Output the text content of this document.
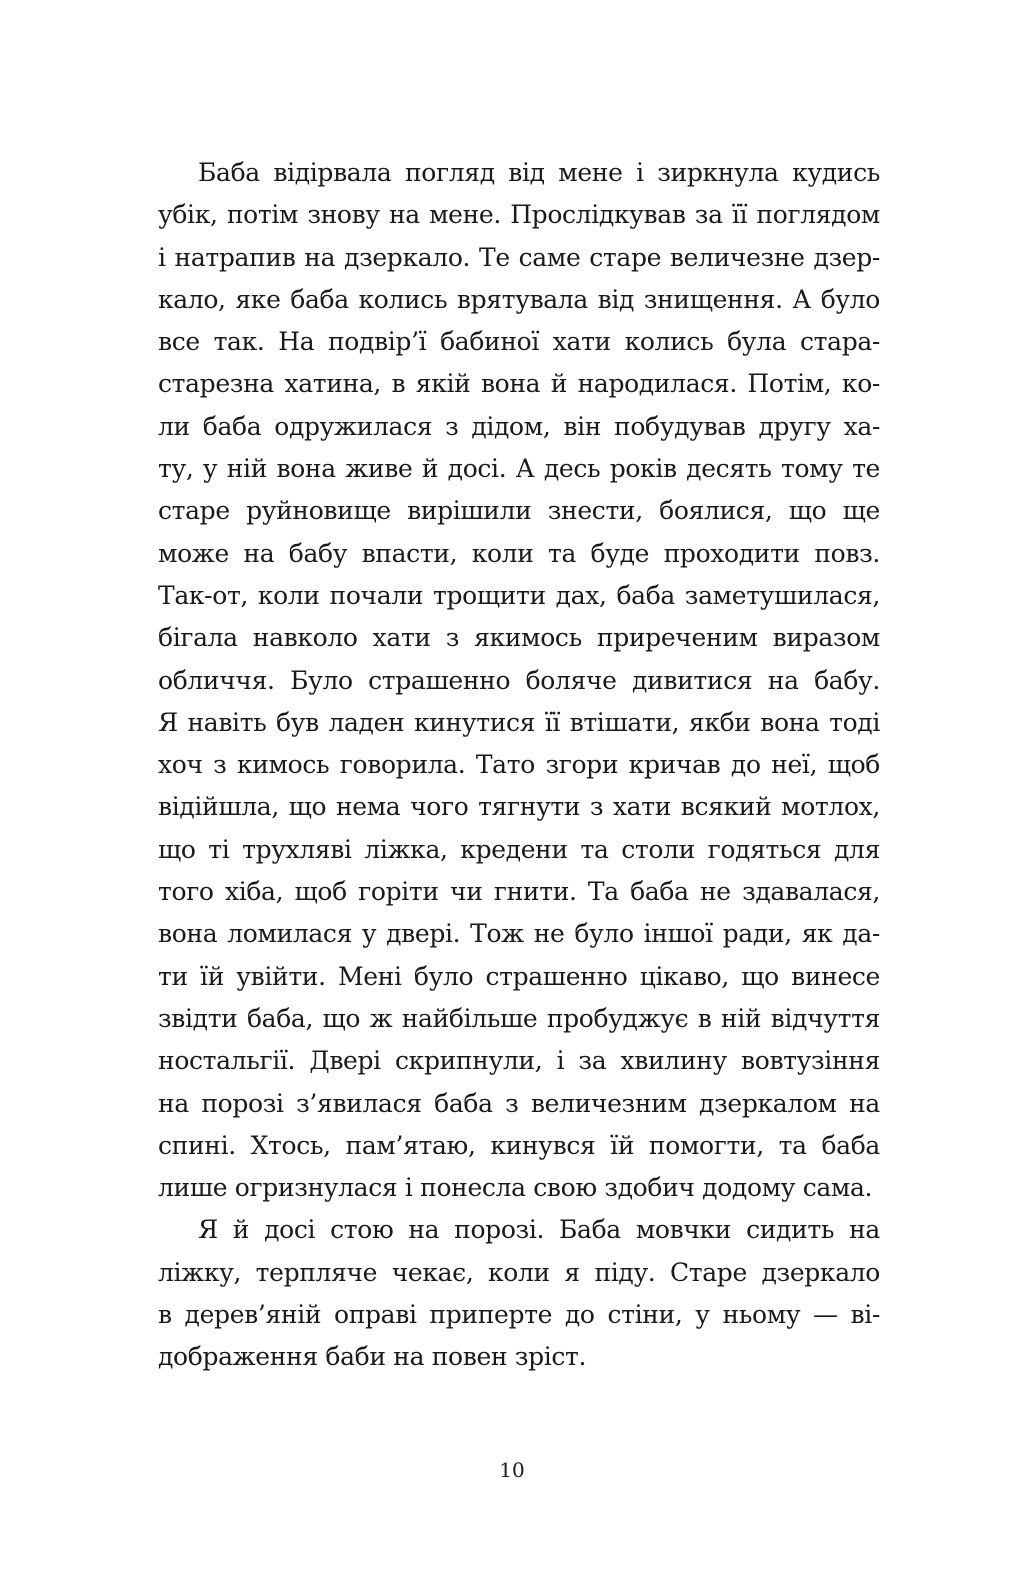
Баба відірвала погляд від мене і зиркнула кудись
убік, потім знову на мене. Прослідкував за її поглядом
і натрапив на дзеркало. Те саме старе величезне дзер-
кало, яке баба колись врятувала від знищення. А було
все так. На подвір’ї бабиної хати колись була стара-
старезна хатина, в якій вона й народилася. Потім, ко-
ли баба одружилася з дідом, він побудував другу ха-
ту, у ній вона живе й досі. А десь років десять тому те
старе руйновище вирішили знести, боялися, що ще
може на бабу впасти, коли та буде проходити повз.
Так-от, коли почали трощити дах, баба заметушилася,
бігала навколо хати з якимось приреченим виразом
обличчя. Було страшенно боляче дивитися на бабу.
Я навіть був ладен кинутися її втішати, якби вона тоді
хоч з кимось говорила. Тато згори кричав до неї, щоб
відійшла, що нема чого тягнути з хати всякий мотлох,
що ті трухляві ліжка, кредени та столи годяться для
того хіба, щоб горіти чи гнити. Та баба не здавалася,
вона ломилася у двері. Тож не було іншої ради, як да-
ти їй увійти. Мені було страшенно цікаво, що винесе
звідти баба, що ж найбільше пробуджує в ній відчуття
ностальгії. Двері скрипнули, і за хвилину вовтузіння
на порозі з’явилася баба з величезним дзеркалом на
спині. Хтось, пам’ятаю, кинувся їй помогти, та баба
лише огризнулася і понесла свою здобич додому сама.
Я й досі стою на порозі. Баба мовчки сидить на
ліжку, терпляче чекає, коли я піду. Старе дзеркало
в дерев’яній оправі приперте до стіни, у ньому — ві-
дображення баби на повен зріст.
10
